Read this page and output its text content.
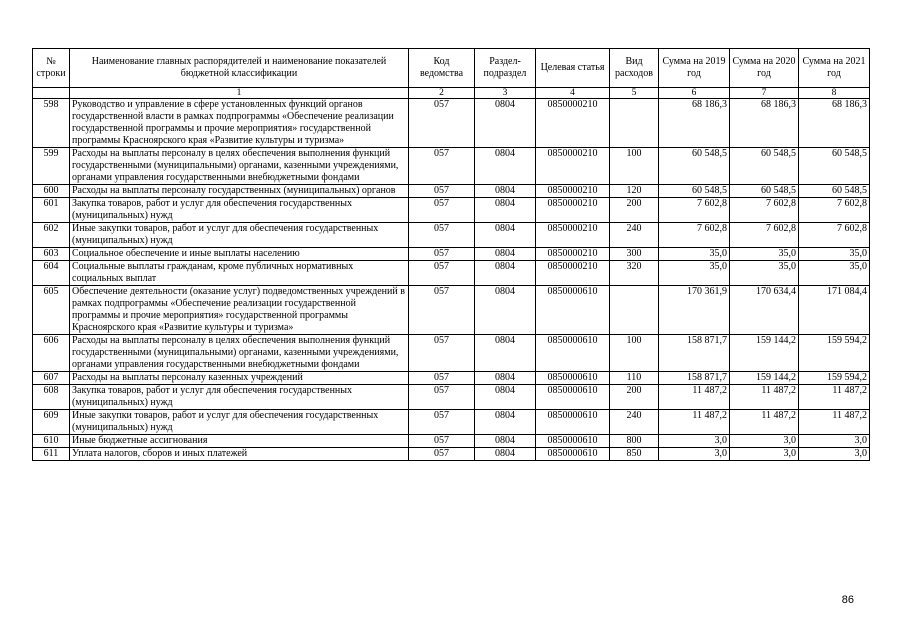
№ строки	Наименование главных распорядителей и наименование показателей бюджетной классификации	Код ведомства	Раздел-подраздел	Целевая статья	Вид расходов	Сумма на 2019 год	Сумма на 2020 год	Сумма на 2021 год
	1	2	3	4	5	6	7	8
598	Руководство и управление в сфере установленных функций органов государственной власти в рамках подпрограммы «Обеспечение реализации государственной программы и прочие мероприятия» государственной программы Красноярского края «Развитие культуры и туризма»	057	0804	0850000210		68 186,3	68 186,3	68 186,3
599	Расходы на выплаты персоналу в целях обеспечения выполнения функций государственными (муниципальными) органами, казенными учреждениями, органами управления государственными внебюджетными фондами	057	0804	0850000210	100	60 548,5	60 548,5	60 548,5
600	Расходы на выплаты персоналу государственных (муниципальных) органов	057	0804	0850000210	120	60 548,5	60 548,5	60 548,5
601	Закупка товаров, работ и услуг для обеспечения государственных (муниципальных) нужд	057	0804	0850000210	200	7 602,8	7 602,8	7 602,8
602	Иные закупки товаров, работ и услуг для обеспечения государственных (муниципальных) нужд	057	0804	0850000210	240	7 602,8	7 602,8	7 602,8
603	Социальное обеспечение и иные выплаты населению	057	0804	0850000210	300	35,0	35,0	35,0
604	Социальные выплаты гражданам, кроме публичных нормативных социальных выплат	057	0804	0850000210	320	35,0	35,0	35,0
605	Обеспечение деятельности (оказание услуг) подведомственных учреждений в рамках подпрограммы «Обеспечение реализации государственной программы и прочие мероприятия» государственной программы Красноярского края «Развитие культуры и туризма»	057	0804	0850000610		170 361,9	170 634,4	171 084,4
606	Расходы на выплаты персоналу в целях обеспечения выполнения функций государственными (муниципальными) органами, казенными учреждениями, органами управления государственными внебюджетными фондами	057	0804	0850000610	100	158 871,7	159 144,2	159 594,2
607	Расходы на выплаты персоналу казенных учреждений	057	0804	0850000610	110	158 871,7	159 144,2	159 594,2
608	Закупка товаров, работ и услуг для обеспечения государственных (муниципальных) нужд	057	0804	0850000610	200	11 487,2	11 487,2	11 487,2
609	Иные закупки товаров, работ и услуг для обеспечения государственных (муниципальных) нужд	057	0804	0850000610	240	11 487,2	11 487,2	11 487,2
610	Иные бюджетные ассигнования	057	0804	0850000610	800	3,0	3,0	3,0
611	Уплата налогов, сборов и иных платежей	057	0804	0850000610	850	3,0	3,0	3,0
86
